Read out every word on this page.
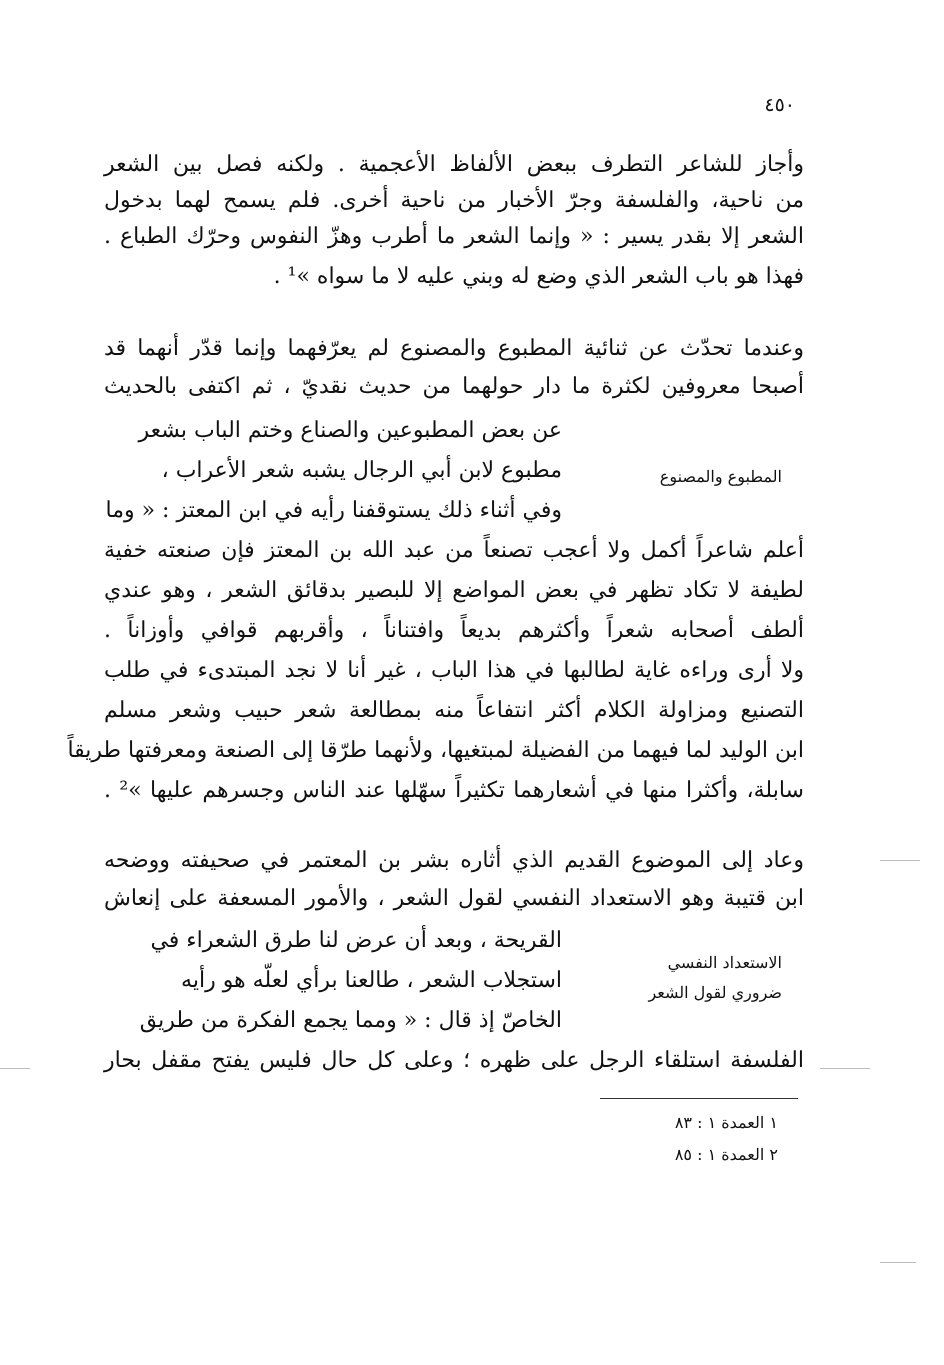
٤٥٠
وأجاز للشاعر التطرف ببعض الألفاظ الأعجمية . ولكنه فصل بين الشعر
من ناحية، والفلسفة وجرّ الأخبار من ناحية أخرى. فلم يسمح لهما بدخول
الشعر إلا بقدر يسير : « وإنما الشعر ما أطرب وهزّ النفوس وحرّك الطباع .
فهذا هو باب الشعر الذي وضع له وبني عليه لا ما سواه »¹ .
وعندما تحدّث عن ثنائية المطبوع والمصنوع لم يعرّفهما وإنما قدّر أنهما قد
أصبحا معروفين لكثرة ما دار حولهما من حديث نقديّ ، ثم اكتفى بالحديث
عن بعض المطبوعين والصناع وختم الباب بشعر
مطبوع لابن أبي الرجال يشبه شعر الأعراب ،
وفي أثناء ذلك يستوقفنا رأيه في ابن المعتز : « وما
المطبوع والمصنوع
أعلم شاعراً أكمل ولا أعجب تصنعاً من عبد الله بن المعتز فإن صنعته خفية
لطيفة لا تكاد تظهر في بعض المواضع إلا للبصير بدقائق الشعر ، وهو عندي
ألطف أصحابه شعراً وأكثرهم بديعاً وافتناناً ، وأقربهم قوافي وأوزاناً .
ولا أرى وراءه غاية لطالبها في هذا الباب ، غير أنا لا نجد المبتدىء في طلب
التصنيع ومزاولة الكلام أكثر انتفاعاً منه بمطالعة شعر حبيب وشعر مسلم
ابن الوليد لما فيهما من الفضيلة لمبتغيها، ولأنهما طرّقا إلى الصنعة ومعرفتها طريقاً
سابلة، وأكثرا منها في أشعارهما تكثيراً سهّلها عند الناس وجسرهم عليها »² .
وعاد إلى الموضوع القديم الذي أثاره بشر بن المعتمر في صحيفته ووضحه
ابن قتيبة وهو الاستعداد النفسي لقول الشعر ، والأمور المسعفة على إنعاش
القريحة ، وبعد أن عرض لنا طرق الشعراء في
استجلاب الشعر ، طالعنا برأي لعلّه هو رأيه
الخاصّ إذ قال : « ومما يجمع الفكرة من طريق
الاستعداد النفسي
ضروري لقول الشعر
الفلسفة استلقاء الرجل على ظهره ؛ وعلى كل حال فليس يفتح مقفل بحار
١ العمدة ١ : ٨٣
٢ العمدة ١ : ٨٥
